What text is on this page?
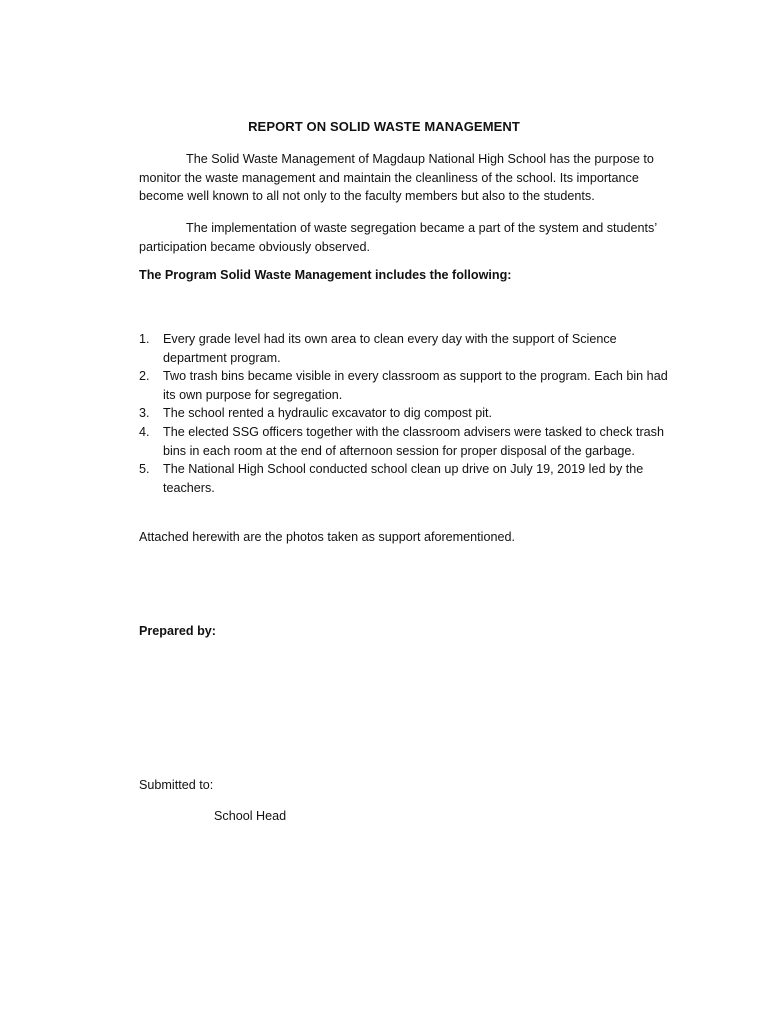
REPORT ON SOLID WASTE MANAGEMENT

The Solid Waste Management of Magdaup National High School has the purpose to monitor the waste management and maintain the cleanliness of the school. Its importance become well known to all not only to the faculty members but also to the students.

The implementation of waste segregation became a part of the system and students’ participation became obviously observed.

The Program Solid Waste Management includes the following:

1. Every grade level had its own area to clean every day with the support of Science department program.
2. Two trash bins became visible in every classroom as support to the program. Each bin had its own purpose for segregation.
3. The school rented a hydraulic excavator to dig compost pit.
4. The elected SSG officers together with the classroom advisers were tasked to check trash bins in each room at the end of afternoon session for proper disposal of the garbage.
5. The National High School conducted school clean up drive on July 19, 2019 led by the teachers.

Attached herewith are the photos taken as support aforementioned.

Prepared by:

Submitted to:

School Head
